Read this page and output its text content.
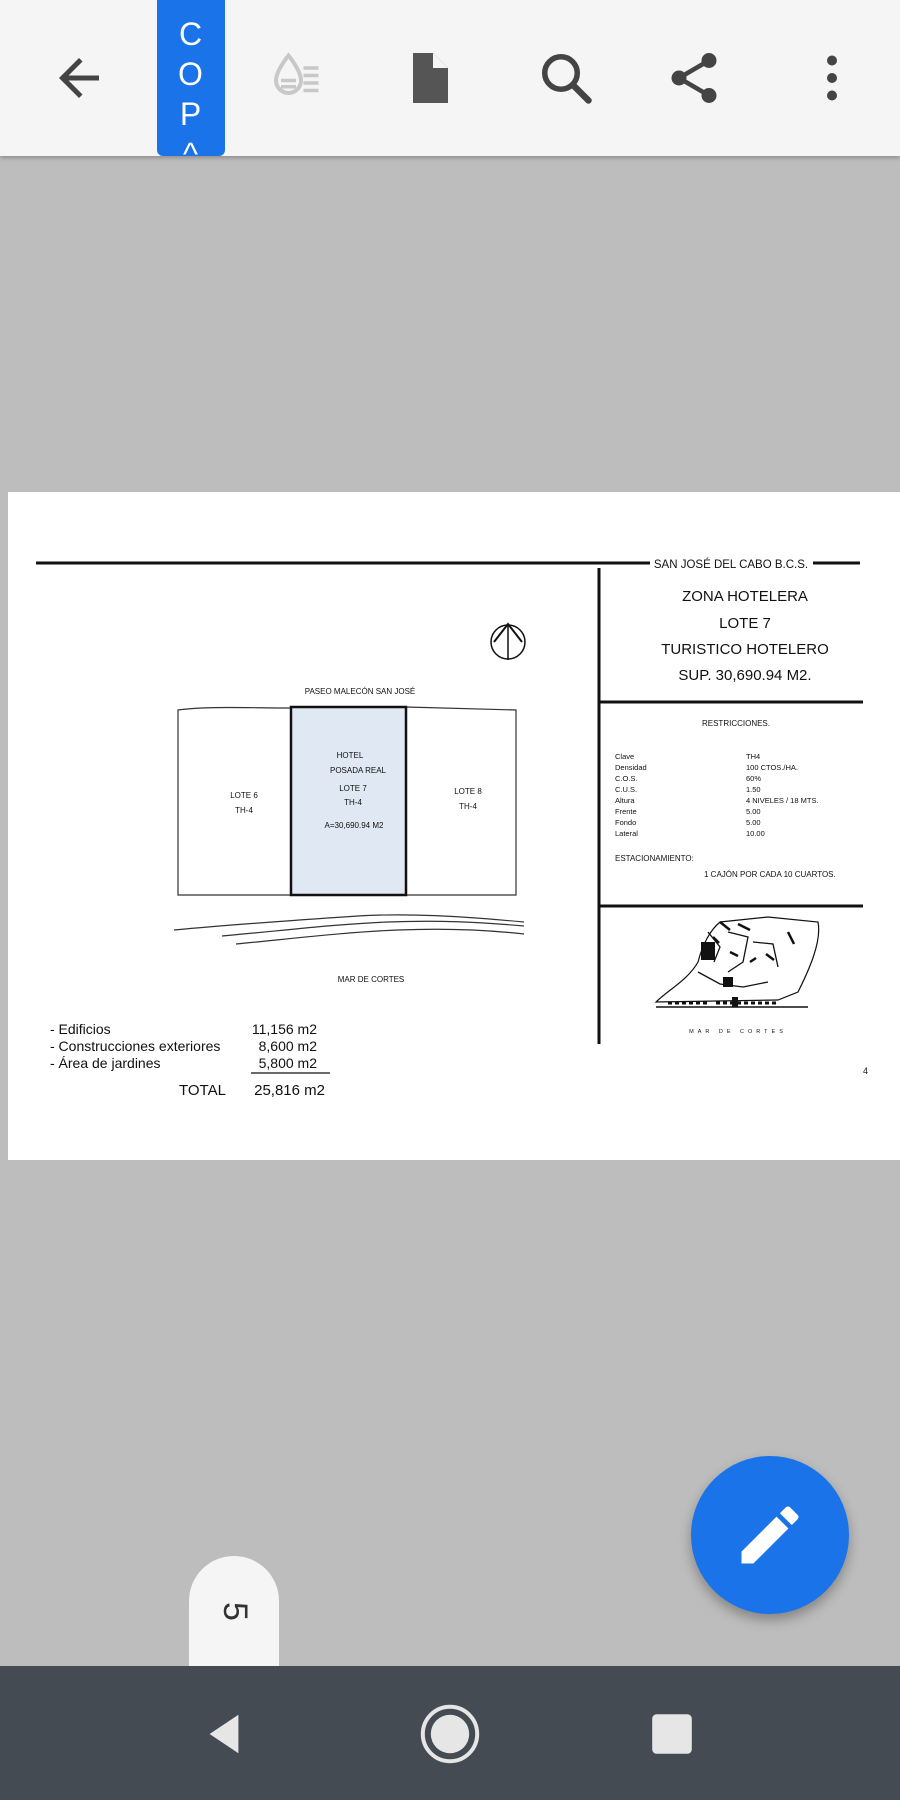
C
O
P
^
SAN JOSÉ DEL CABO B.C.S.
ZONA HOTELERA
LOTE 7
TURISTICO HOTELERO
SUP. 30,690.94 M2.
RESTRICCIONES.
Clave	TH4
Densidad	100 CTOS./HA.
C.O.S.	60%
C.U.S.	1.50
Altura	4 NIVELES / 18 MTS.
Frente	5.00
Fondo	5.00
Lateral	10.00
ESTACIONAMIENTO:
1 CAJÓN POR CADA 10 CUARTOS.
MAR DE CORTES
PASEO MALECÓN SAN JOSÉ
LOTE 6
TH-4
LOTE 8
TH-4
HOTEL
POSADA REAL
LOTE 7
TH-4
A=30,690.94 M2
MAR DE CORTES
- Edificios	11,156 m2
- Construcciones exteriores	8,600 m2
- Área de jardines	5,800 m2
TOTAL 25,816 m2
4
5
